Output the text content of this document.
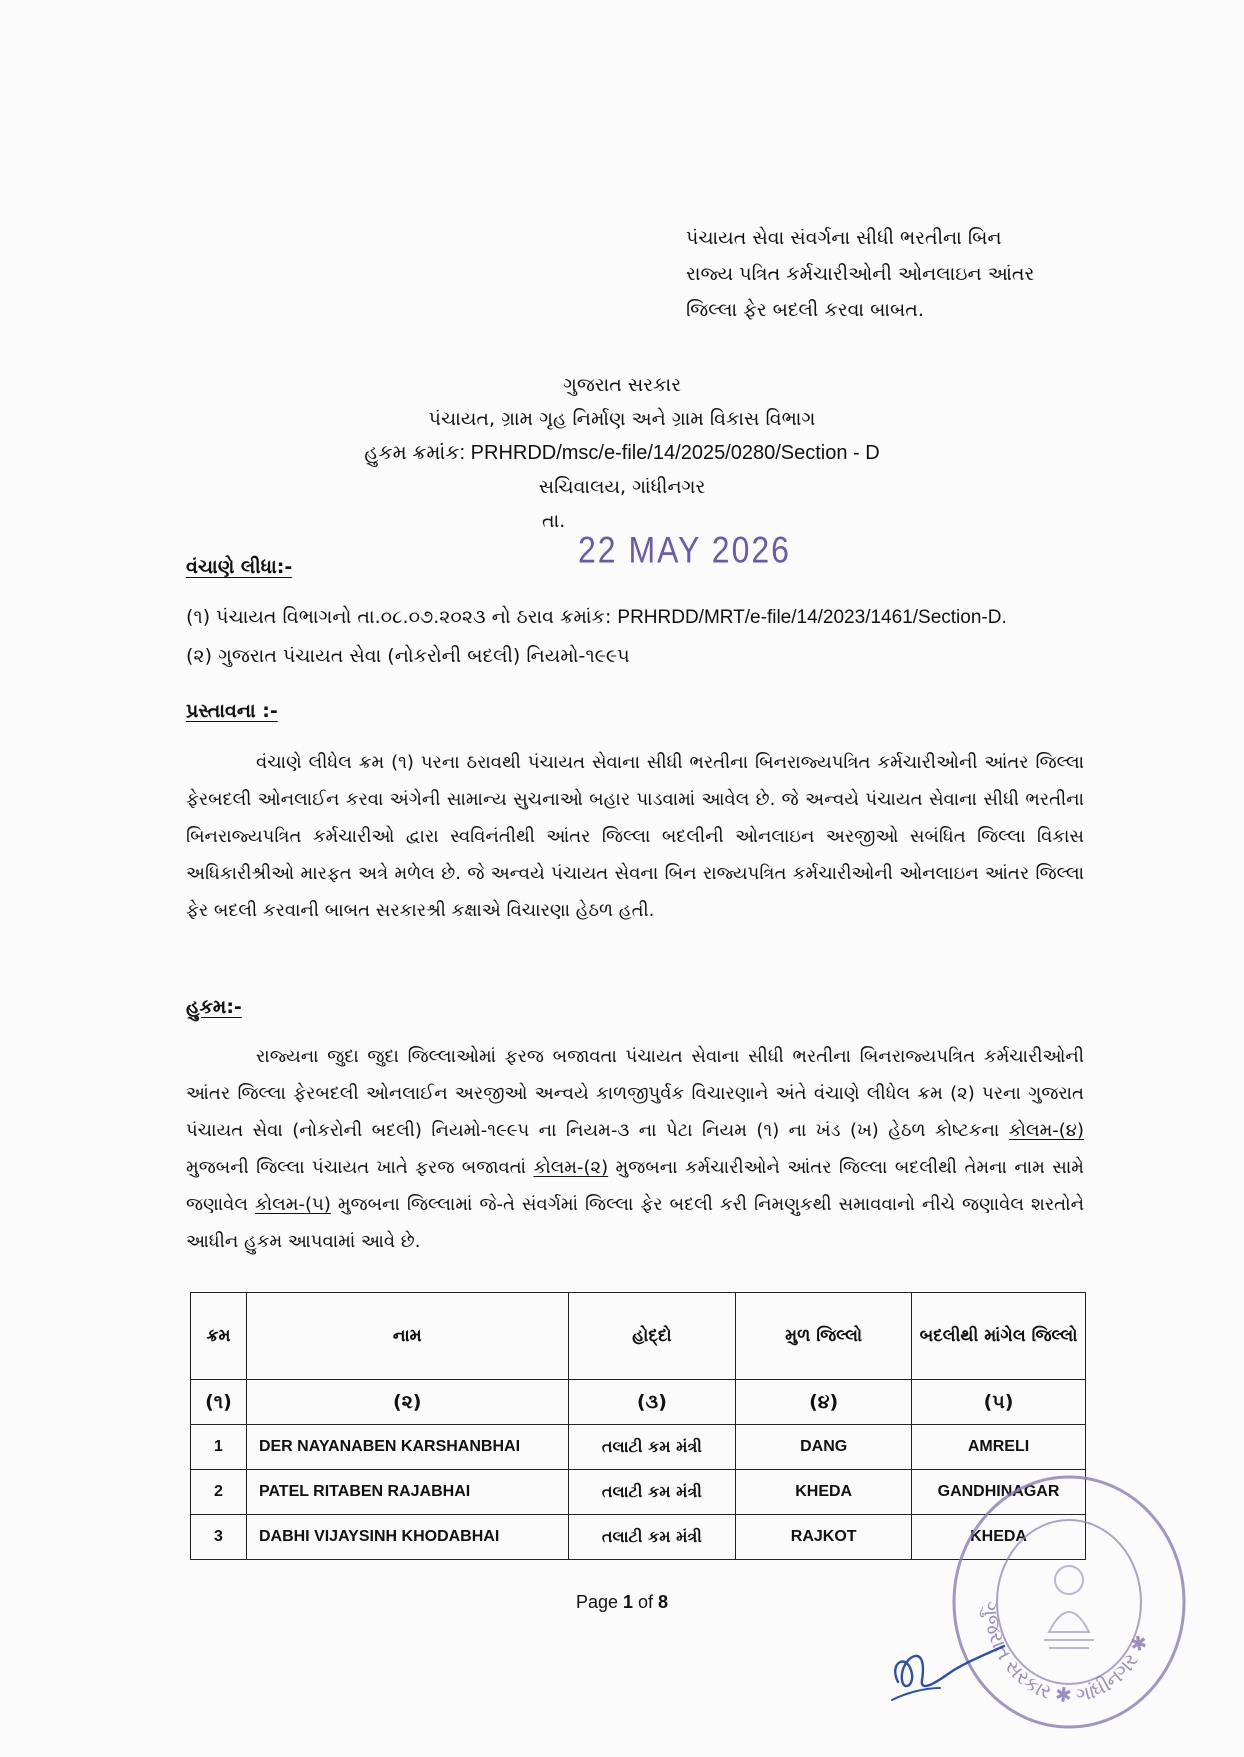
પંચાયત સેવા સંવર્ગના સીધી ભરતીના બિન
રાજ્ય પત્રિત કર્મચારીઓની ઓનલાઇન આંતર
જિલ્લા ફેર બદલી કરવા બાબત.
ગુજરાત સરકાર
પંચાયત, ગ્રામ ગૃહ નિર્માણ અને ગ્રામ વિકાસ વિભાગ
હુકમ ક્રમાંક: PRHRDD/msc/e-file/14/2025/0280/Section - D
સચિવાલય, ગાંધીનગર
તા.
22 MAY 2026
વંચાણે લીધા:-
(૧) પંચાયત વિભાગનો તા.૦૮.૦૭.૨૦૨૩ નો ઠરાવ ક્રમાંક: PRHRDD/MRT/e-file/14/2023/1461/Section-D.
(૨) ગુજરાત પંચાયત સેવા (નોકરોની બદલી) નિયમો-૧૯૯૫
પ્રસ્તાવના :-
વંચાણે લીધેલ ક્રમ (૧) પરના ઠરાવથી પંચાયત સેવાના સીધી ભરતીના બિનરાજ્યપત્રિત કર્મચારીઓની આંતર જિલ્લા ફેરબદલી ઓનલાઈન કરવા અંગેની સામાન્ય સુચનાઓ બહાર પાડવામાં આવેલ છે. જે અન્વયે પંચાયત સેવાના સીધી ભરતીના બિનરાજ્યપત્રિત કર્મચારીઓ દ્વારા સ્વવિનંતીથી આંતર જિલ્લા બદલીની ઓનલાઇન અરજીઓ સબંધિત જિલ્લા વિકાસ અધિકારીશ્રીઓ મારફત અત્રે મળેલ છે. જે અન્વયે પંચાયત સેવના બિન રાજ્યપત્રિત કર્મચારીઓની ઓનલાઇન આંતર જિલ્લા ફેર બદલી કરવાની બાબત સરકારશ્રી કક્ષાએ વિચારણા હેઠળ હતી.
હુકમ:-
રાજ્યના જુદા જુદા જિલ્લાઓમાં ફરજ બજાવતા પંચાયત સેવાના સીધી ભરતીના બિનરાજ્યપત્રિત કર્મચારીઓની આંતર જિલ્લા ફેરબદલી ઓનલાઈન અરજીઓ અન્વયે કાળજીપુર્વક વિચારણાને અંતે વંચાણે લીધેલ ક્રમ (૨) પરના ગુજરાત પંચાયત સેવા (નોકરોની બદલી) નિયમો-૧૯૯૫ ના નિયમ-૩ ના પેટા નિયમ (૧) ના ખંડ (ખ) હેઠળ કોષ્ટકના કોલમ-(૪) મુજબની જિલ્લા પંચાયત ખાતે ફરજ બજાવતાં કોલમ-(૨) મુજબના કર્મચારીઓને આંતર જિલ્લા બદલીથી તેમના નામ સામે જણાવેલ કોલમ-(૫) મુજબના જિલ્લામાં જે-તે સંવર્ગમાં જિલ્લા ફેર બદલી કરી નિમણુકથી સમાવવાનો નીચે જણાવેલ શરતોને આધીન હુકમ આપવામાં આવે છે.
ક્રમ	નામ	હોદ્દો	મુળ જિલ્લો	બદલીથી માંગેલ જિલ્લો
(૧)	(૨)	(૩)	(૪)	(૫)
1	DER NAYANABEN KARSHANBHAI	તલાટી કમ મંત્રી	DANG	AMRELI
2	PATEL RITABEN RAJABHAI	તલાટી કમ મંત્રી	KHEDA	GANDHINAGAR
3	DABHI VIJAYSINH KHODABHAI	તલાટી કમ મંત્રી	RAJKOT	KHEDA
Page 1 of 8	ગુજરાત સરકાર ✱ ગાંધીનગર ✱
